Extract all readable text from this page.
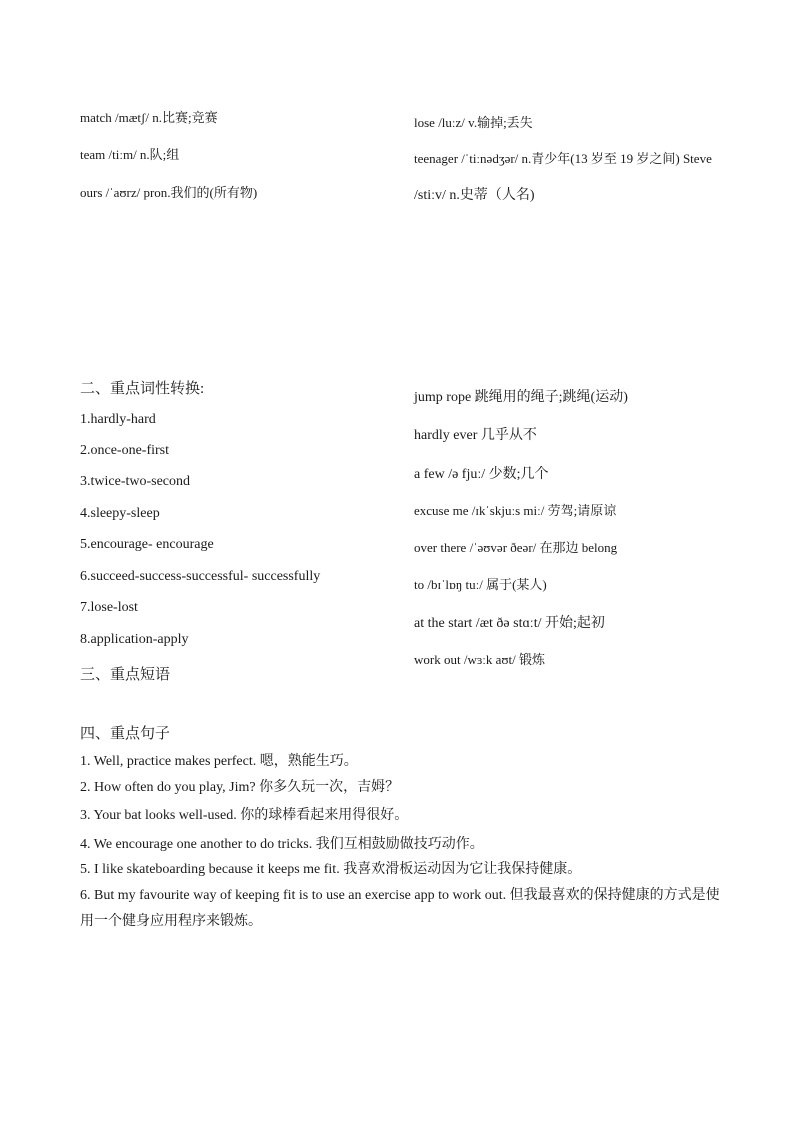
match /mætʃ/ n.比赛;竞赛
team /tiːm/ n.队;组
ours /ˈaʊrz/ pron.我们的(所有物)
lose /luːz/ v.输掉;丢失
teenager /ˈtiːnədʒər/ n.青少年(13 岁至 19 岁之间) Steve
/stiːv/ n.史蒂（人名)
二、重点词性转换:
1.hardly-hard
2.once-one-first
3.twice-two-second
4.sleepy-sleep
5.encourage- encourage
6.succeed-success-successful- successfully
7.lose-lost
8.application-apply
jump rope 跳绳用的绳子;跳绳(运动)
hardly ever 几乎从不
a few /ə fjuː/ 少数;几个
excuse me /ɪkˈskjuːs miː/ 劳驾;请原谅
over there /ˈəʊvər ðeər/ 在那边 belong
to /bɪˈlɒŋ tuː/ 属于(某人)
at the start /æt ðə stɑːt/ 开始;起初
work out /wɜːk aʊt/ 锻炼
三、重点短语
四、重点句子
1. Well, practice makes perfect. 嗯，熟能生巧。
2. How often do you play, Jim? 你多久玩一次，吉姆？
3. Your bat looks well-used. 你的球棒看起来用得很好。
4. We encourage one another to do tricks. 我们互相鼓励做技巧动作。
5. I like skateboarding because it keeps me fit. 我喜欢滑板运动因为它让我保持健康。
6. But my favourite way of keeping fit is to use an exercise app to work out. 但我最喜欢的保持健康的方式是使用一个健身应用程序来锻炼。
